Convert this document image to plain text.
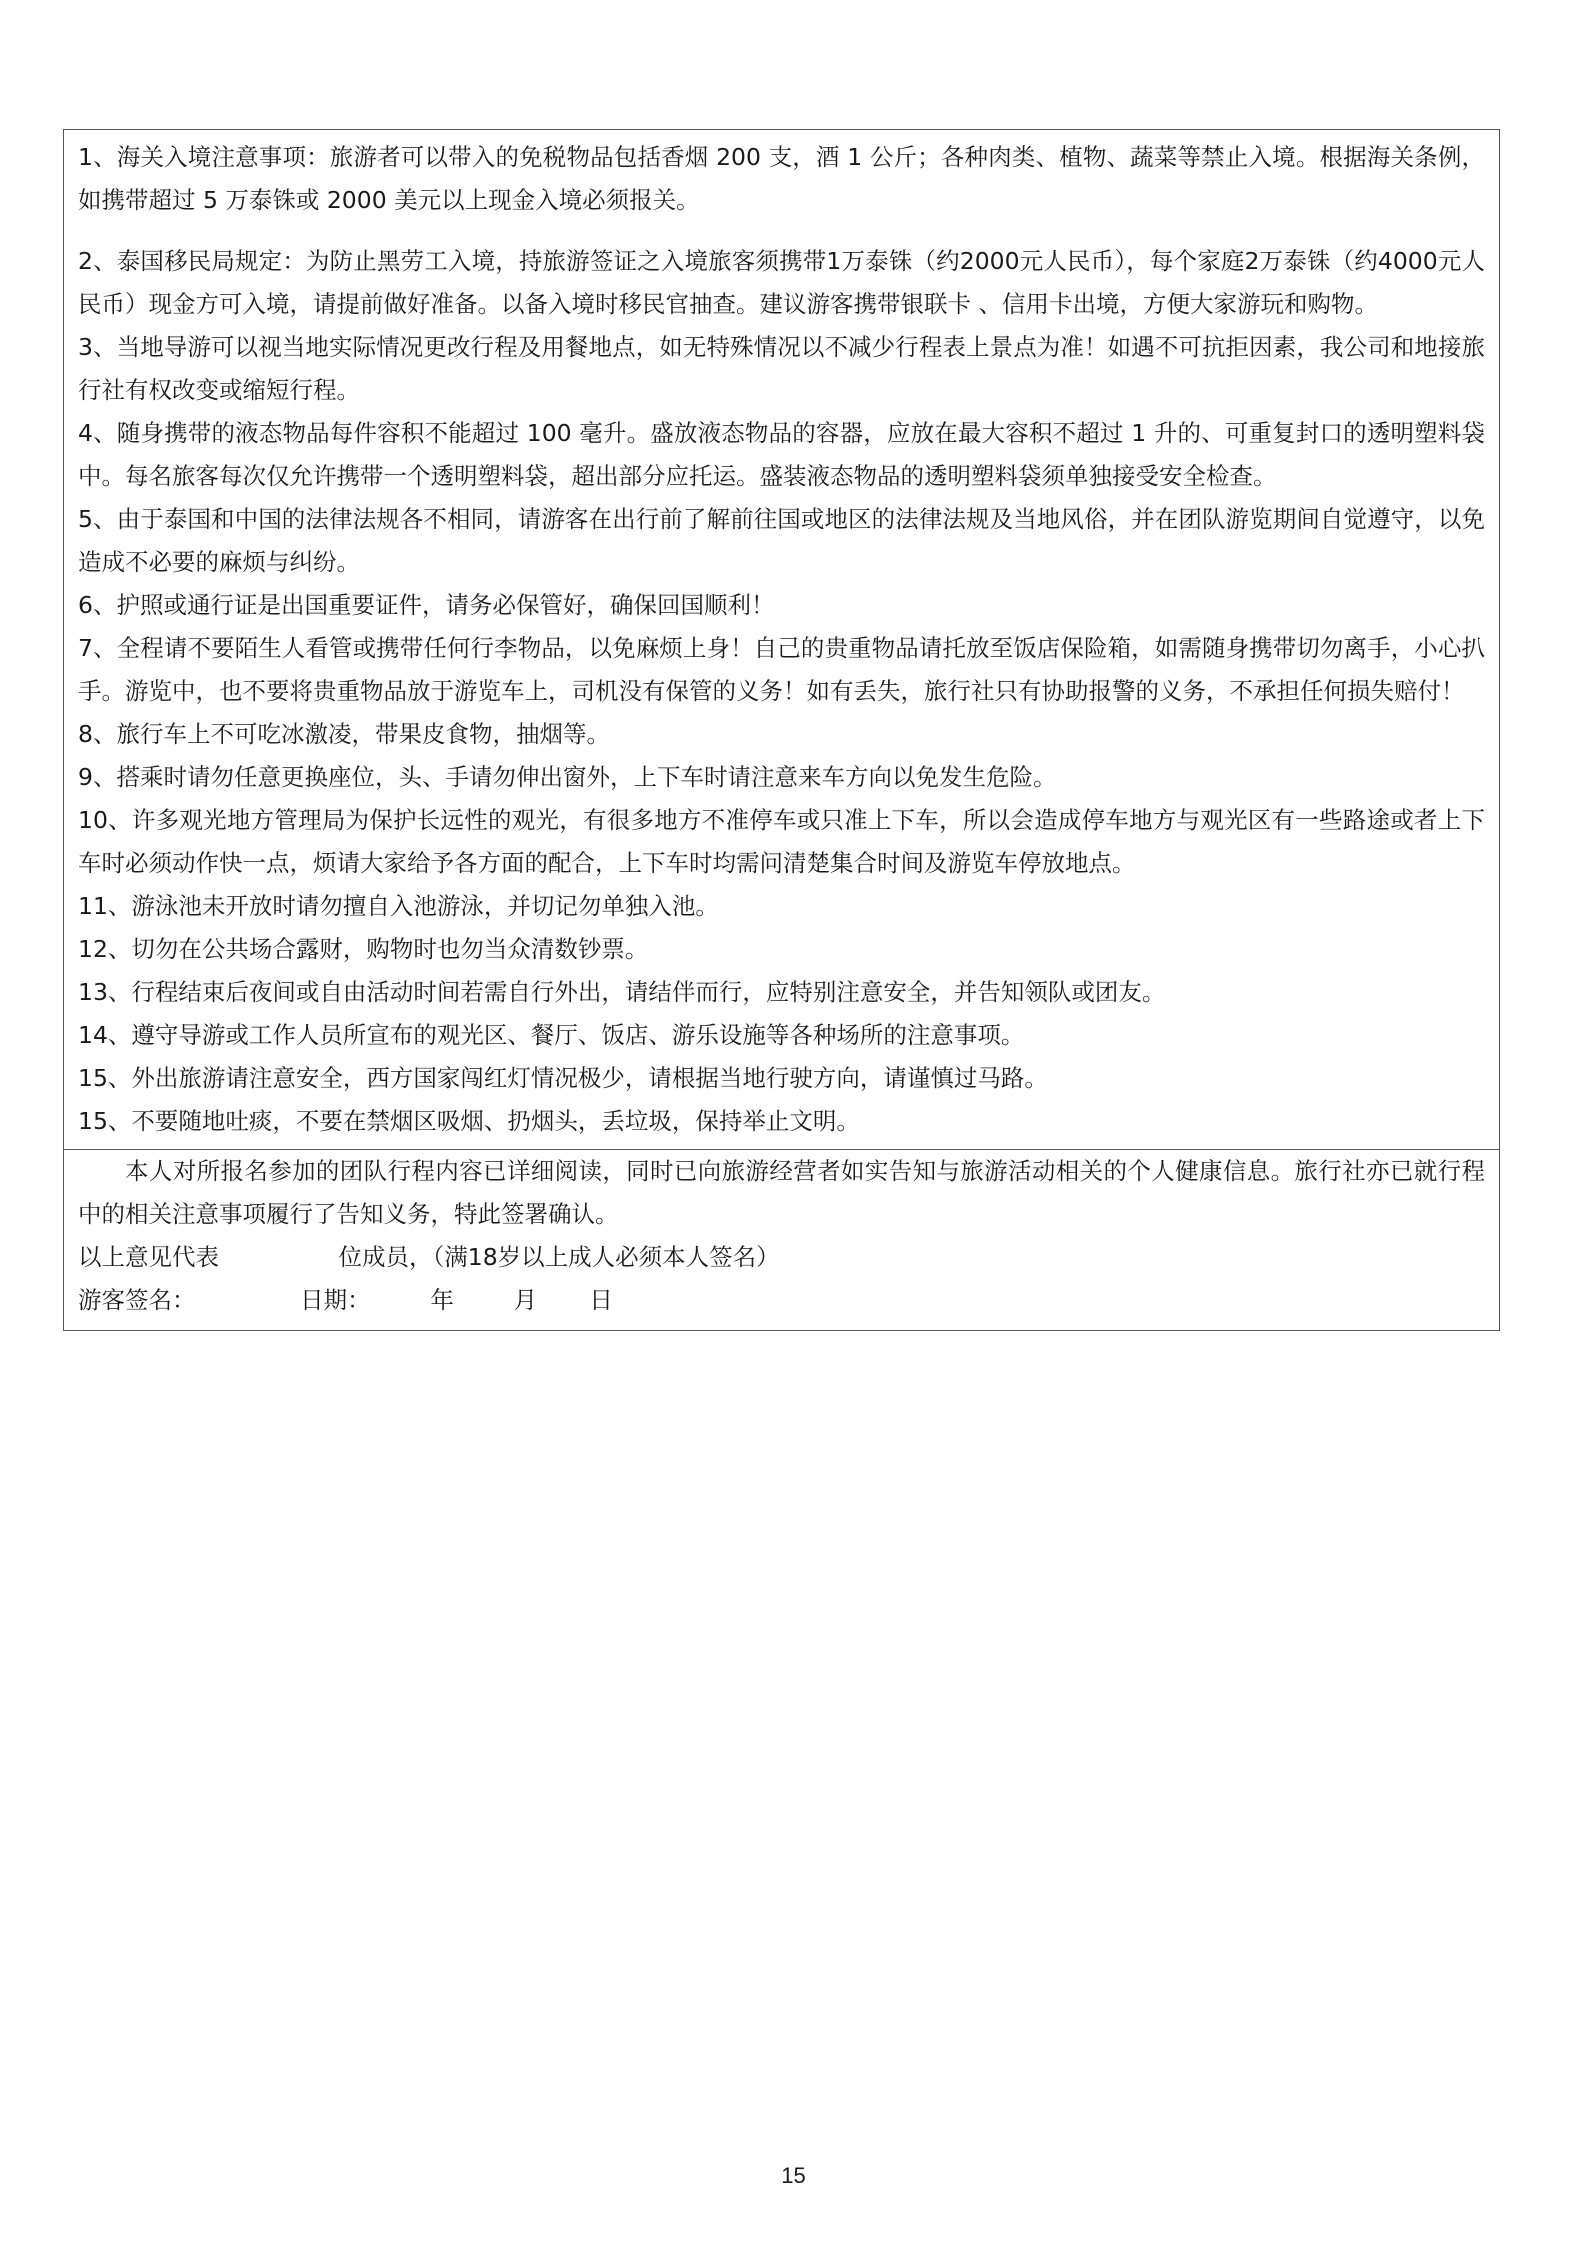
1、海关入境注意事项：旅游者可以带入的免税物品包括香烟 200 支，酒 1 公斤；各种肉类、植物、蔬菜等禁止入境。根据海关条例，如携带超过 5 万泰铢或 2000 美元以上现金入境必须报关。

2、泰国移民局规定：为防止黑劳工入境，持旅游签证之入境旅客须携带1万泰铢（约2000元人民币），每个家庭2万泰铢（约4000元人民币）现金方可入境，请提前做好准备。以备入境时移民官抽查。建议游客携带银联卡 、信用卡出境，方便大家游玩和购物。

3、当地导游可以视当地实际情况更改行程及用餐地点，如无特殊情况以不减少行程表上景点为准！如遇不可抗拒因素，我公司和地接旅行社有权改变或缩短行程。

4、随身携带的液态物品每件容积不能超过 100 毫升。盛放液态物品的容器，应放在最大容积不超过 1 升的、可重复封口的透明塑料袋中。每名旅客每次仅允许携带一个透明塑料袋，超出部分应托运。盛装液态物品的透明塑料袋须单独接受安全检查。

5、由于泰国和中国的法律法规各不相同，请游客在出行前了解前往国或地区的法律法规及当地风俗，并在团队游览期间自觉遵守，以免造成不必要的麻烦与纠纷。

6、护照或通行证是出国重要证件，请务必保管好，确保回国顺利！

7、全程请不要陌生人看管或携带任何行李物品，以免麻烦上身！自己的贵重物品请托放至饭店保险箱，如需随身携带切勿离手，小心扒手。游览中，也不要将贵重物品放于游览车上，司机没有保管的义务！如有丢失，旅行社只有协助报警的义务，不承担任何损失赔付！

8、旅行车上不可吃冰激凌，带果皮食物，抽烟等。

9、搭乘时请勿任意更换座位，头、手请勿伸出窗外，上下车时请注意来车方向以免发生危险。

10、许多观光地方管理局为保护长远性的观光，有很多地方不准停车或只准上下车，所以会造成停车地方与观光区有一些路途或者上下车时必须动作快一点，烦请大家给予各方面的配合，上下车时均需问清楚集合时间及游览车停放地点。

11、游泳池未开放时请勿擅自入池游泳，并切记勿单独入池。

12、切勿在公共场合露财，购物时也勿当众清数钞票。

13、行程结束后夜间或自由活动时间若需自行外出，请结伴而行，应特别注意安全，并告知领队或团友。

14、遵守导游或工作人员所宣布的观光区、餐厅、饭店、游乐设施等各种场所的注意事项。

15、外出旅游请注意安全，西方国家闯红灯情况极少，请根据当地行驶方向，请谨慎过马路。

15、不要随地吐痰，不要在禁烟区吸烟、扔烟头，丢垃圾，保持举止文明。

本人对所报名参加的团队行程内容已详细阅读，同时已向旅游经营者如实告知与旅游活动相关的个人健康信息。旅行社亦已就行程中的相关注意事项履行了告知义务，特此签署确认。

以上意见代表                位成员，（满18岁以上成人必须本人签名）

游客签名：              日期：        年        月       日

15
